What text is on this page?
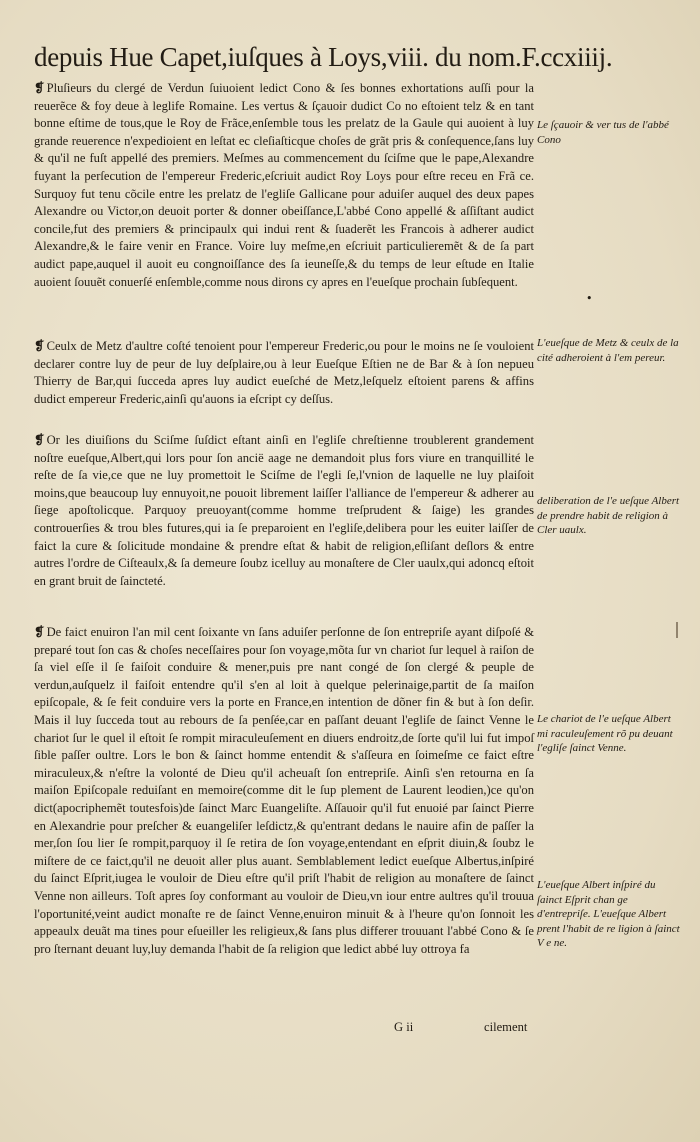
depuis Hue Capet,iuſques à Loys,viii. du nom.F.ccxiiij.

❡ Pluſieurs du clergé de Verdun ſuiuoient ledict Cono & ſes bonnes exhortations auſſi pour la reuerẽce & foy deue à leglife Romaine. Les vertus & ſçauoir dudict Co no eſtoient telz & en tant bonne eſtime de tous,que le Roy de Frãce,enſemble tous les prelatz de la Gaule qui auoient à luy grande reuerence n'expedioient en leſtat ec cleſiaſticque choſes de grãt pris & conſequence,ſans luy & qu'il ne fuſt appellé des premiers. Meſmes au commencement du ſciſme que le pape,Alexandre fuyant la perſecution de l'empereur Frederic,eſcriuit audict Roy Loys pour eſtre receu en Frã ce. Surquoy fut tenu cõcile entre les prelatz de l'egliſe Gallicane pour aduiſer auquel des deux papes Alexandre ou Victor,on deuoit porter & donner obeiſſance,L'abbé Cono appellé & aſſiſtant audict concile,fut des premiers & principaulx qui indui rent & ſuaderẽt les Francois à adherer audict Alexandre,& le faire venir en France. Voire luy meſme,en eſcriuit particulieremẽt & de ſa part audict pape,auquel il auoit eu congnoiſſance des ſa ieuneſſe,& du temps de leur eſtude en Italie auoient ſouuẽt conuerſé enſemble,comme nous dirons cy apres en l'eueſque prochain ſubſequent.

❡ Ceulx de Metz d'aultre coſté tenoient pour l'empereur Frederic,ou pour le moins ne ſe vouloient declarer contre luy de peur de luy deſplaire,ou à leur Eueſque Eſtien ne de Bar & à ſon nepueu Thierry de Bar,qui ſucceda apres luy audict eueſché de Metz,leſquelz eſtoient parens & affins dudict empereur Frederic,ainſi qu'auons ia eſcript cy deſſus.

❡ Or les diuiſions du Sciſme ſuſdict eſtant ainſi en l'egliſe chreſtienne troublerent grandement noſtre eueſque,Albert,qui lors pour ſon ancië aage ne demandoit plus fors viure en tranquillité le reſte de ſa vie,ce que ne luy promettoit le Sciſme de l'egli ſe,l'vnion de laquelle ne luy plaiſoit moins,que beaucoup luy ennuyoit,ne pouoit librement laiſſer l'alliance de l'empereur & adherer au ſiege apoſtolicque. Parquoy preuoyant(comme homme treſprudent & ſaige) les grandes controuerſies & trou bles futures,qui ia ſe preparoient en l'egliſe,delibera pour les euiter laiſſer de faict la cure & ſolicitude mondaine & prendre eſtat & habit de religion,eſliſant deſlors & entre autres l'ordre de Ciſteaulx,& ſa demeure ſoubz icelluy au monaſtere de Cler uaulx,qui adoncq eſtoit en grant bruit de ſaincteté.

❡ De faict enuiron l'an mil cent ſoixante vn ſans aduiſer perſonne de ſon entrepriſe ayant diſpoſé & preparé tout ſon cas & choſes neceſſaires pour ſon voyage,mõta ſur vn chariot ſur lequel à raiſon de ſa viel eſſe il ſe faiſoit conduire & mener,puis pre nant congé de ſon clergé & peuple de verdun,auſquelz il faiſoit entendre qu'il s'en al loit à quelque pelerinaige,partit de ſa maiſon epiſcopale, & ſe feit conduire vers la porte en France,en intention de dõner fin & but à ſon deſir. Mais il luy ſucceda tout au rebours de ſa penſée,car en paſſant deuant l'egliſe de ſainct Venne le chariot ſur le quel il eſtoit ſe rompit miraculeuſement en diuers endroitz,de ſorte qu'il lui fut impoſ ſible paſſer oultre. Lors le bon & ſainct homme entendit & s'aſſeura en ſoimeſme ce faict eſtre miraculeux,& n'eſtre la volonté de Dieu qu'il acheuaſt ſon entrepriſe. Ainſi s'en retourna en ſa maiſon Epiſcopale reduiſant en memoire(comme dit le ſup plement de Laurent leodien,)ce qu'on dict(apocriphemẽt toutesfois)de ſainct Marc Euangeliſte. Aſſauoir qu'il fut enuoié par ſainct Pierre en Alexandrie pour preſcher & euangeliſer leſdictz,& qu'entrant dedans le nauire afin de paſſer la mer,ſon ſou lier ſe rompit,parquoy il ſe retira de ſon voyage,entendant en eſprit diuin,& ſoubz le miſtere de ce faict,qu'il ne deuoit aller plus auant. Semblablement ledict eueſque Albertus,inſpiré du ſainct Eſprit,iugea le vouloir de Dieu eſtre qu'il priſt l'habit de religion au monaſtere de ſainct Venne non ailleurs. Toſt apres ſoy conformant au vouloir de Dieu,vn iour entre aultres qu'il trouua l'oportunité,veint audict monaſte re de ſainct Venne,enuiron minuit & à l'heure qu'on ſonnoit les appeaulx deuãt ma tines pour eſueiller les religieux,& ſans plus differer trouuant l'abbé Cono & ſe pro ſternant deuant luy,luy demanda l'habit de ſa religion que ledict abbé luy ottroya fa

Le ſçauoir & ver tus de l'abbé Cono
L'eueſque de Metz & ceulx de la cité adheroient à l'em pereur.
deliberation de l'e ueſque Albert de prendre habit de religion à Cler uaulx.
Le chariot de l'e ueſque Albert mi raculeuſement rõ pu deuant l'egliſe ſainct Venne.
L'eueſque Albert inſpiré du ſainct Eſprit chan ge d'entrepriſe. L'eueſque Albert prent l'habit de re ligion à ſainct V e ne.
•
G ii	cilement
